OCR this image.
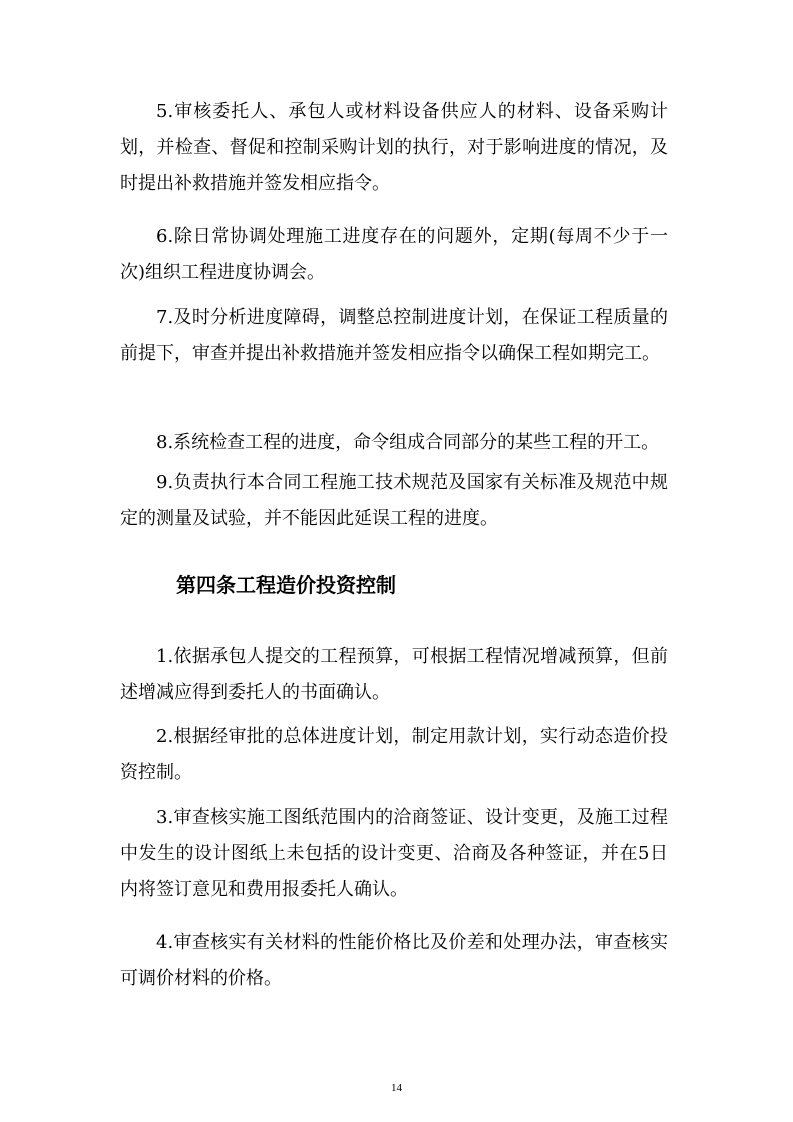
5.审核委托人、承包人或材料设备供应人的材料、设备采购计划，并检查、督促和控制采购计划的执行，对于影响进度的情况，及时提出补救措施并签发相应指令。

6.除日常协调处理施工进度存在的问题外，定期(每周不少于一次)组织工程进度协调会。

7.及时分析进度障碍，调整总控制进度计划，在保证工程质量的前提下，审查并提出补救措施并签发相应指令以确保工程如期完工。

8.系统检查工程的进度，命令组成合同部分的某些工程的开工。

9.负责执行本合同工程施工技术规范及国家有关标准及规范中规定的测量及试验，并不能因此延误工程的进度。

第四条工程造价投资控制

1.依据承包人提交的工程预算，可根据工程情况增减预算，但前述增减应得到委托人的书面确认。

2.根据经审批的总体进度计划，制定用款计划，实行动态造价投资控制。

3.审查核实施工图纸范围内的洽商签证、设计变更，及施工过程中发生的设计图纸上未包括的设计变更、洽商及各种签证，并在5日内将签订意见和费用报委托人确认。

4.审查核实有关材料的性能价格比及价差和处理办法，审查核实可调价材料的价格。

14
